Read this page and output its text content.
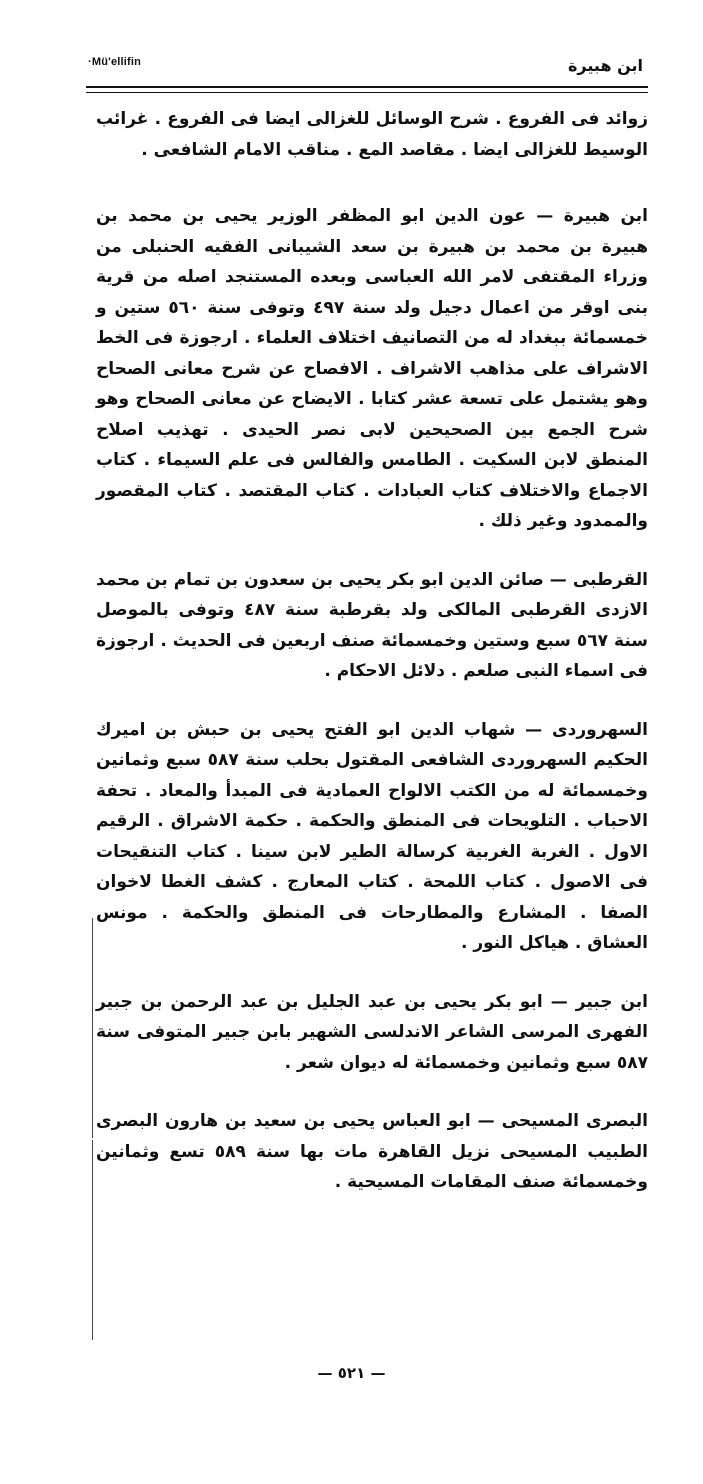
·Mü'ellifin	ابن هبيرة

زوائد فى الفروع . شرح الوسائل للغزالى ايضا فى الفروع . غرائب الوسيط للغزالى ايضا . مقاصد المع . مناقب الامام الشافعى .

ابن هبيرة — عون الدين ابو المظفر الوزير يحيى بن محمد بن هبيرة بن محمد بن هبيرة بن سعد الشيبانى الفقيه الحنبلى من وزراء المقتفى لامر الله العباسى وبعده المستنجد اصله من قرية بنى اوقر من اعمال دجيل ولد سنة ٤٩٧ وتوفى سنة ٥٦٠ ستين و خمسمائة ببغداد له من التصانيف اختلاف العلماء . ارجوزة فى الخط الاشراف على مذاهب الاشراف . الافصاح عن شرح معانى الصحاح وهو يشتمل على تسعة عشر كتابا . الايضاح عن معانى الصحاح وهو شرح الجمع بين الصحيحين لابى نصر الحيدى . تهذيب اصلاح المنطق لابن السكيت . الطامس والفالس فى علم السيماء . كتاب الاجماع والاختلاف كتاب العبادات . كتاب المقتصد . كتاب المقصور والممدود وغير ذلك .

القرطبى — صائن الدين ابو بكر يحيى بن سعدون بن تمام بن محمد الازدى القرطبى المالكى ولد بقرطبة سنة ٤٨٧ وتوفى بالموصل سنة ٥٦٧ سبع وستين وخمسمائة صنف اربعين فى الحديث . ارجوزة فى اسماء النبى صلعم . دلائل الاحكام .

السهروردى — شهاب الدين ابو الفتح يحيى بن حبش بن اميرك الحكيم السهروردى الشافعى المقتول بحلب سنة ٥٨٧ سبع وثمانين وخمسمائة له من الكتب الالواح العمادية فى المبدأ والمعاد . تحفة الاحباب . التلويحات فى المنطق والحكمة . حكمة الاشراق . الرقيم الاول . الغربة الغربية كرسالة الطير لابن سينا . كتاب التنقيحات فى الاصول . كتاب اللمحة . كتاب المعارج . كشف الغطا لاخوان الصفا . المشارع والمطارحات فى المنطق والحكمة . مونس العشاق . هياكل النور .

ابن جبير — ابو بكر يحيى بن عبد الجليل بن عبد الرحمن بن جبير الفهرى المرسى الشاعر الاندلسى الشهير بابن جبير المتوفى سنة ٥٨٧ سبع وثمانين وخمسمائة له ديوان شعر .

البصرى المسيحى — ابو العباس يحيى بن سعيد بن هارون البصرى الطبيب المسيحى نزيل القاهرة مات بها سنة ٥٨٩ تسع وثمانين وخمسمائة صنف المقامات المسيحية .

— ٥٢١ —
